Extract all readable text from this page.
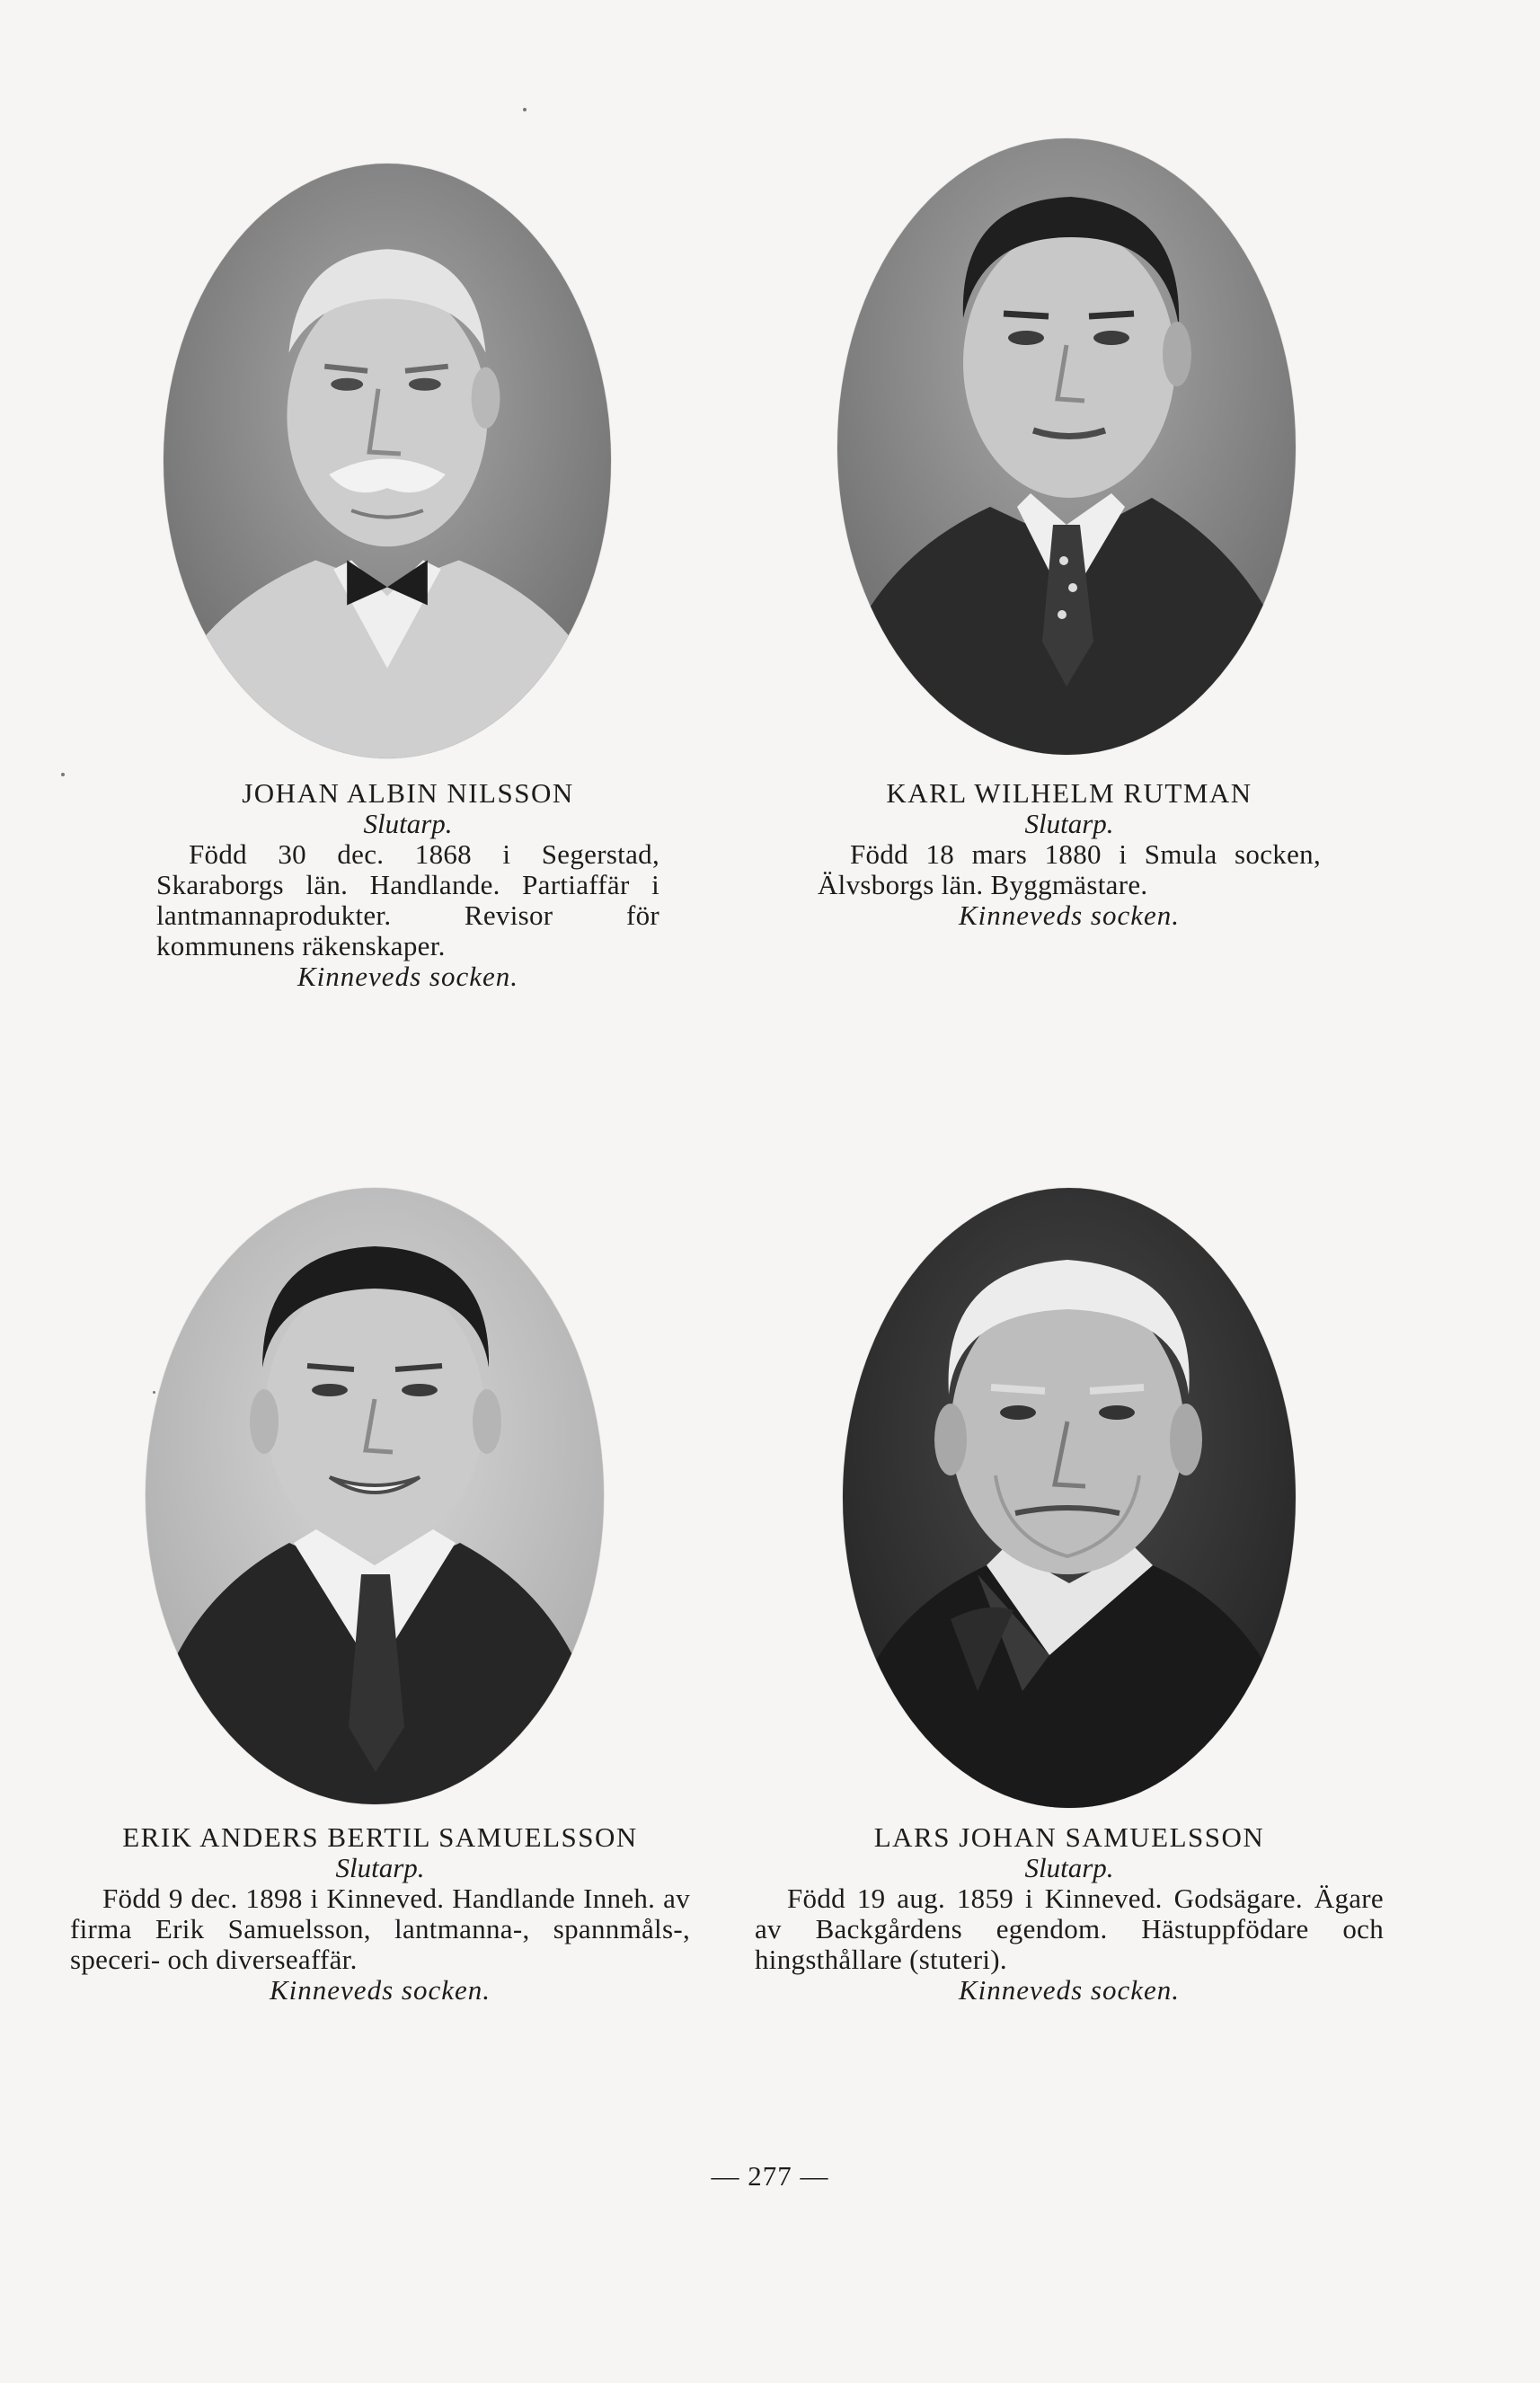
JOHAN ALBIN NILSSON
Slutarp.
Född 30 dec. 1868 i Segerstad, Skaraborgs län. Handlande. Partiaffär i lantmannaprodukter. Revisor för kommunens räkenskaper.
Kinneveds socken.
KARL WILHELM RUTMAN
Slutarp.
Född 18 mars 1880 i Smula socken, Älvsborgs län. Byggmästare.
Kinneveds socken.
ERIK ANDERS BERTIL SAMUELSSON
Slutarp.
Född 9 dec. 1898 i Kinneved. Handlande Inneh. av firma Erik Samuelsson, lantmanna-, spannmåls-, speceri- och diverseaffär.
Kinneveds socken.
LARS JOHAN SAMUELSSON
Slutarp.
Född 19 aug. 1859 i Kinneved. Godsägare. Ägare av Backgårdens egendom. Hästuppfödare och hingsthållare (stuteri).
Kinneveds socken.
— 277 —
